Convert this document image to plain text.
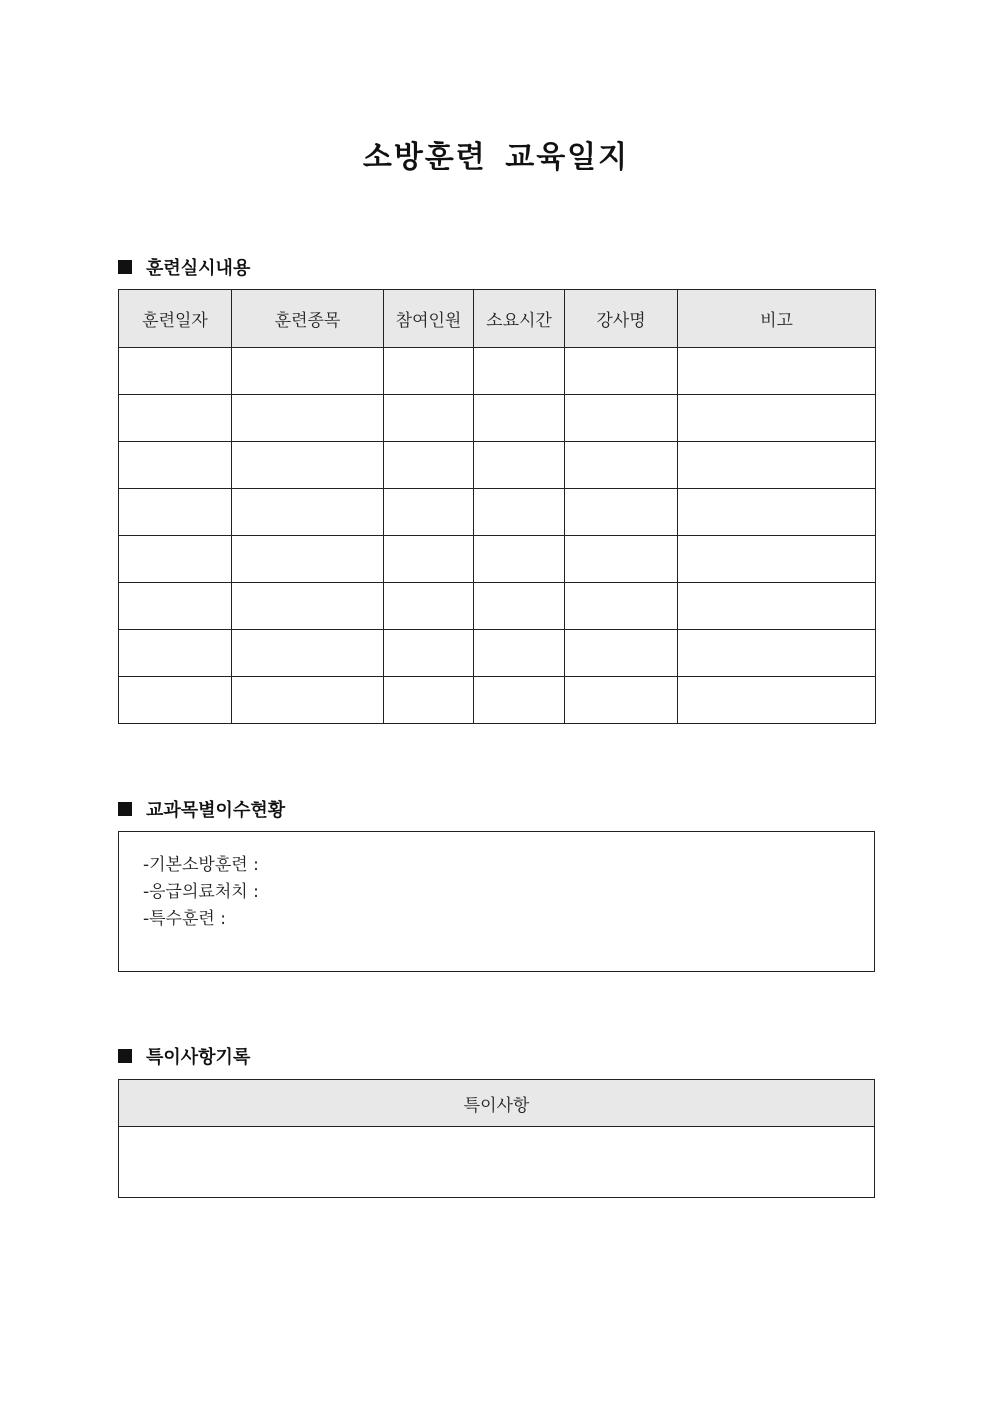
소방훈련 교육일지
훈련실시내용
훈련일자	훈련종목	참여인원	소요시간	강사명	비고

교과목별이수현황
-기본소방훈련 :
-응급의료처치 :
-특수훈련 :
특이사항기록
특이사항
